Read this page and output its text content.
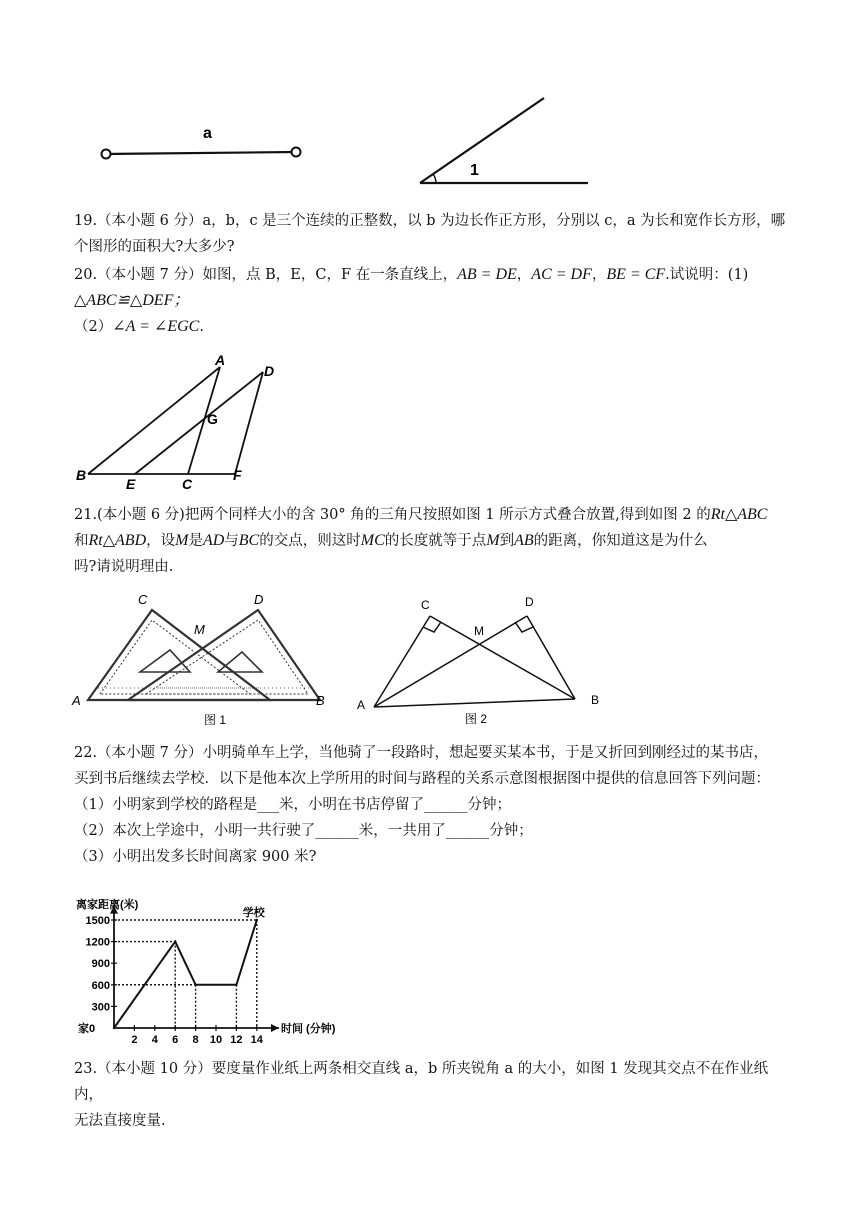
a
1
19.（本小题 6 分）a，b，c 是三个连续的正整数，以 b 为边长作正方形，分别以 c，a 为长和宽作长方形，哪个图形的面积大?大多少?
20.（本小题 7 分）如图，点 B，E，C，F 在一条直线上，AB = DE，AC = DF，BE = CF.试说明：(1)
△ABC≌△DEF；
（2）∠A = ∠EGC.
A
D
G
B
E	C
F
21.(本小题 6 分)把两个同样大小的含 30° 角的三角尺按照如图 1 所示方式叠合放置,得到如图 2 的Rt△ABC
和Rt△ABD，设M是AD与BC的交点，则这时MC的长度就等于点M到AB的距离，你知道这是为什么
吗?请说明理由.
C	D
M
A	B
图 1
C	D
M
A	B
图 2
22.（本小题 7 分）小明骑单车上学，当他骑了一段路时，想起要买某本书，于是又折回到刚经过的某书店，
买到书后继续去学校．以下是他本次上学所用的时间与路程的关系示意图根据图中提供的信息回答下列问题：
（1）小明家到学校的路程是___米，小明在书店停留了______分钟；
（2）本次上学途中，小明一共行驶了______米，一共用了______分钟；
（3）小明出发多长时间离家 900 米?
离家距离(米)
时间 (分钟)
家0
300
600
900
1200
1500
2 4 6 8 10 12 14
学校
23.（本小题 10 分）要度量作业纸上两条相交直线 a，b 所夹锐角 a 的大小，如图 1 发现其交点不在作业纸内，
无法直接度量.
